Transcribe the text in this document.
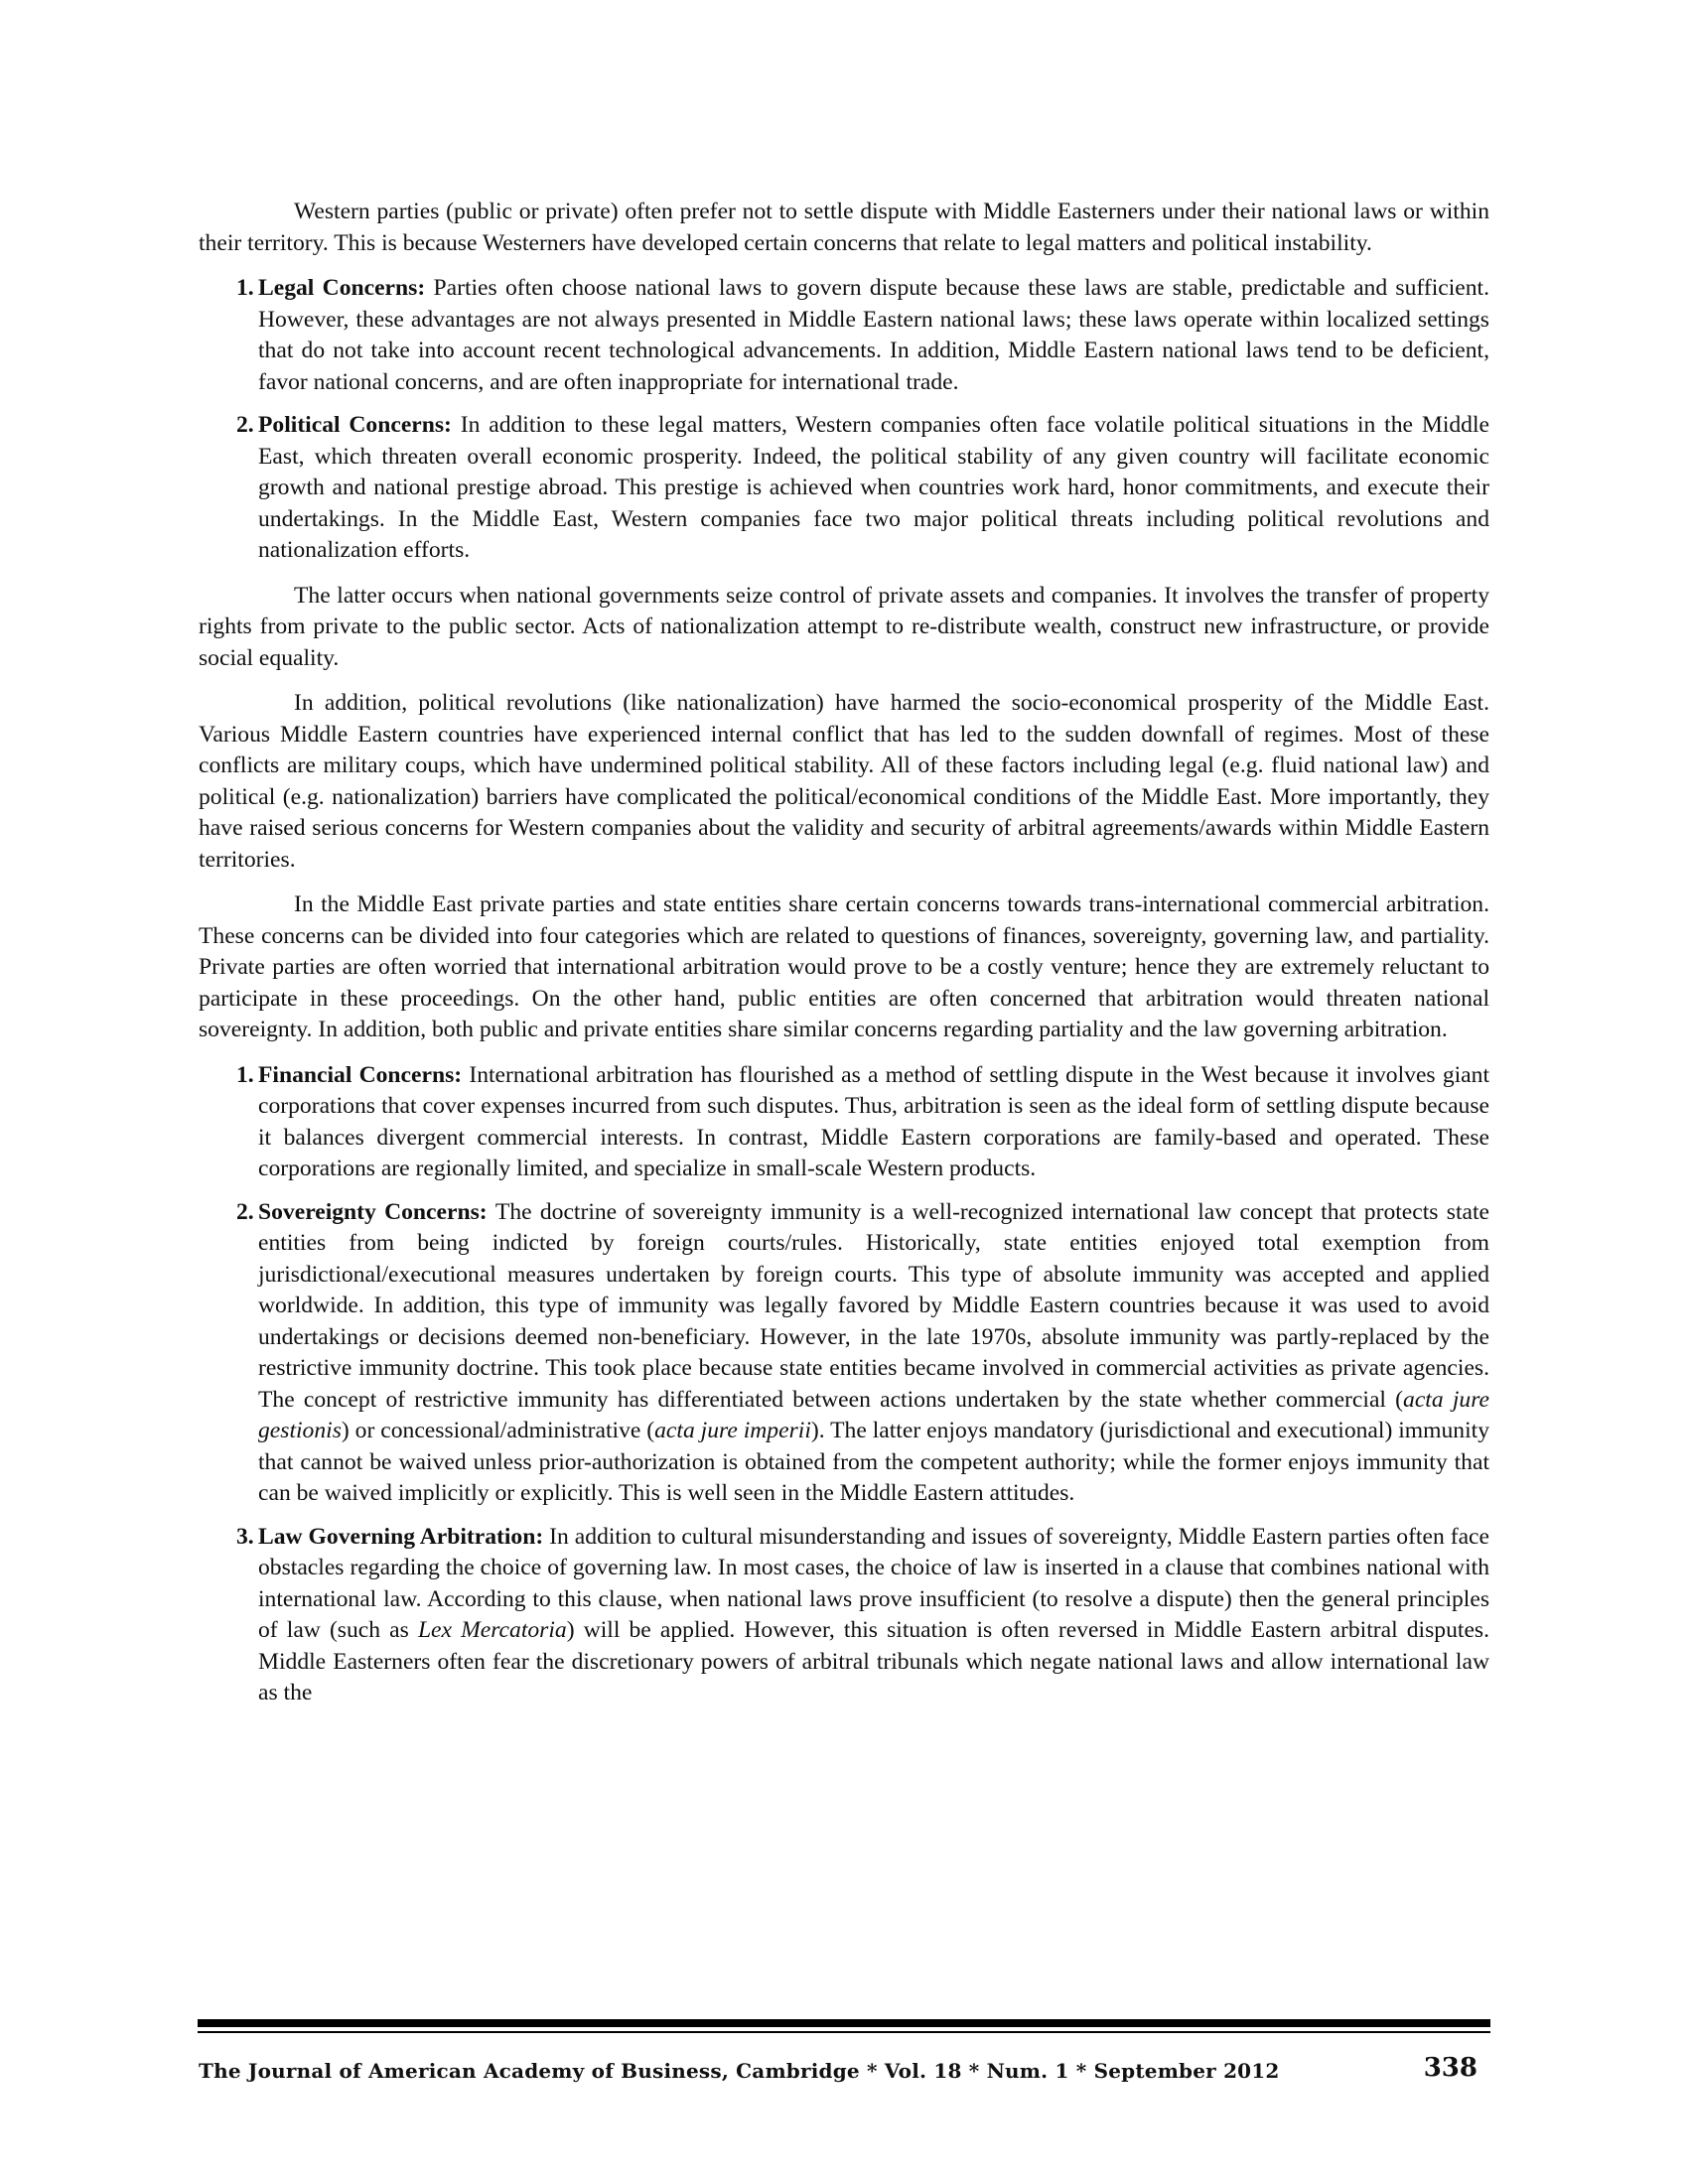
Western parties (public or private) often prefer not to settle dispute with Middle Easterners under their national laws or within their territory. This is because Westerners have developed certain concerns that relate to legal matters and political instability.

1. Legal Concerns: Parties often choose national laws to govern dispute because these laws are stable, predictable and sufficient. However, these advantages are not always presented in Middle Eastern national laws; these laws operate within localized settings that do not take into account recent technological advancements. In addition, Middle Eastern national laws tend to be deficient, favor national concerns, and are often inappropriate for international trade.
2. Political Concerns: In addition to these legal matters, Western companies often face volatile political situations in the Middle East, which threaten overall economic prosperity. Indeed, the political stability of any given country will facilitate economic growth and national prestige abroad. This prestige is achieved when countries work hard, honor commitments, and execute their undertakings. In the Middle East, Western companies face two major political threats including political revolutions and nationalization efforts.

The latter occurs when national governments seize control of private assets and companies. It involves the transfer of property rights from private to the public sector. Acts of nationalization attempt to re-distribute wealth, construct new infrastructure, or provide social equality.

In addition, political revolutions (like nationalization) have harmed the socio-economical prosperity of the Middle East. Various Middle Eastern countries have experienced internal conflict that has led to the sudden downfall of regimes. Most of these conflicts are military coups, which have undermined political stability. All of these factors including legal (e.g. fluid national law) and political (e.g. nationalization) barriers have complicated the political/economical conditions of the Middle East. More importantly, they have raised serious concerns for Western companies about the validity and security of arbitral agreements/awards within Middle Eastern territories.

In the Middle East private parties and state entities share certain concerns towards trans-international commercial arbitration. These concerns can be divided into four categories which are related to questions of finances, sovereignty, governing law, and partiality. Private parties are often worried that international arbitration would prove to be a costly venture; hence they are extremely reluctant to participate in these proceedings. On the other hand, public entities are often concerned that arbitration would threaten national sovereignty. In addition, both public and private entities share similar concerns regarding partiality and the law governing arbitration.

1. Financial Concerns: International arbitration has flourished as a method of settling dispute in the West because it involves giant corporations that cover expenses incurred from such disputes. Thus, arbitration is seen as the ideal form of settling dispute because it balances divergent commercial interests. In contrast, Middle Eastern corporations are family-based and operated. These corporations are regionally limited, and specialize in small-scale Western products.
2. Sovereignty Concerns: The doctrine of sovereignty immunity is a well-recognized international law concept that protects state entities from being indicted by foreign courts/rules. Historically, state entities enjoyed total exemption from jurisdictional/executional measures undertaken by foreign courts. This type of absolute immunity was accepted and applied worldwide. In addition, this type of immunity was legally favored by Middle Eastern countries because it was used to avoid undertakings or decisions deemed non-beneficiary. However, in the late 1970s, absolute immunity was partly-replaced by the restrictive immunity doctrine. This took place because state entities became involved in commercial activities as private agencies. The concept of restrictive immunity has differentiated between actions undertaken by the state whether commercial (acta jure gestionis) or concessional/administrative (acta jure imperii). The latter enjoys mandatory (jurisdictional and executional) immunity that cannot be waived unless prior-authorization is obtained from the competent authority; while the former enjoys immunity that can be waived implicitly or explicitly. This is well seen in the Middle Eastern attitudes.
3. Law Governing Arbitration: In addition to cultural misunderstanding and issues of sovereignty, Middle Eastern parties often face obstacles regarding the choice of governing law. In most cases, the choice of law is inserted in a clause that combines national with international law. According to this clause, when national laws prove insufficient (to resolve a dispute) then the general principles of law (such as Lex Mercatoria) will be applied. However, this situation is often reversed in Middle Eastern arbitral disputes. Middle Easterners often fear the discretionary powers of arbitral tribunals which negate national laws and allow international law as the
The Journal of American Academy of Business, Cambridge * Vol. 18 * Num. 1 * September 2012	338
